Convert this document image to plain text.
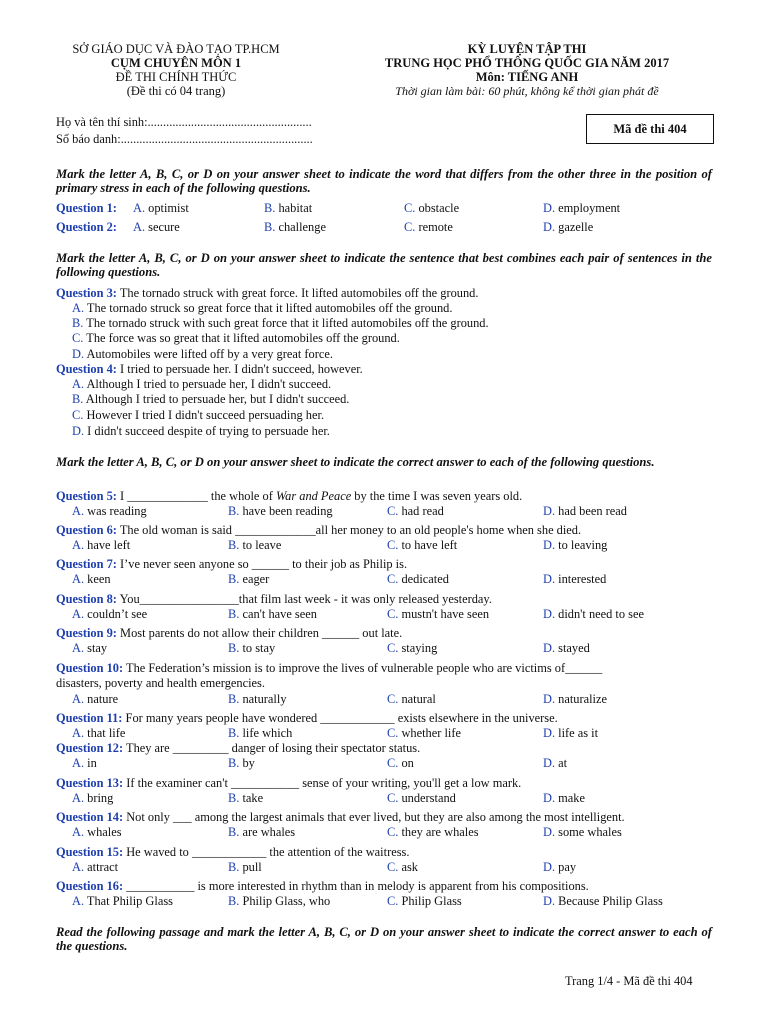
SỞ GIÁO DỤC VÀ ĐÀO TẠO TP.HCM
CỤM CHUYÊN MÔN 1
ĐỀ THI CHÍNH THỨC
(Đề thi có 04 trang)
KỲ LUYỆN TẬP THI
TRUNG HỌC PHỔ THÔNG QUỐC GIA NĂM 2017
Môn: TIẾNG ANH
Thời gian làm bài: 60 phút, không kể thời gian phát đề
Họ và tên thí sinh:.....................................................
Số báo danh:..............................................................
Mã đề thi 404
Mark the letter A, B, C, or D on your answer sheet to indicate the word that differs from the other three in the position of primary stress in each of the following questions.
Question 1: A. optimist	B. habitat	C. obstacle	D. employment
Question 2: A. secure	B. challenge	C. remote	D. gazelle
Mark the letter A, B, C, or D on your answer sheet to indicate the sentence that best combines each pair of sentences in the following questions.
Question 3: The tornado struck with great force. It lifted automobiles off the ground.
A. The tornado struck so great force that it lifted automobiles off the ground.
B. The tornado struck with such great force that it lifted automobiles off the ground.
C. The force was so great that it lifted automobiles off the ground.
D. Automobiles were lifted off by a very great force.
Question 4: I tried to persuade her. I didn't succeed, however.
A. Although I tried to persuade her, I didn't succeed.
B. Although I tried to persuade her, but I didn't succeed.
C. However I tried I didn't succeed persuading her.
D. I didn't succeed despite of trying to persuade her.
Mark the letter A, B, C, or D on your answer sheet to indicate the correct answer to each of the following questions.
Question 5: I _____________ the whole of War and Peace by the time I was seven years old.
A. was reading	B. have been reading	C. had read	D. had been read
Question 6: The old woman is said _____________all her money to an old people's home when she died.
A. have left	B. to leave	C. to have left	D. to leaving
Question 7: I’ve never seen anyone so ______ to their job as Philip is.
A. keen	B. eager	C. dedicated	D. interested
Question 8: You________________that film last week - it was only released yesterday.
A. couldn’t see	B. can't have seen	C. mustn't have seen	D. didn't need to see
Question 9: Most parents do not allow their children ______ out late.
A. stay	B. to stay	C. staying	D. stayed
Question 10: The Federation’s mission is to improve the lives of vulnerable people who are victims of______
disasters, poverty and health emergencies.
A. nature	B. naturally	C. natural	D. naturalize
Question 11: For many years people have wondered ____________ exists elsewhere in the universe.
A. that life	B. life which	C. whether life	D. life as it
Question 12: They are _________ danger of losing their spectator status.
A. in	B. by	C. on	D. at
Question 13: If the examiner can't ___________ sense of your writing, you'll get a low mark.
A. bring	B. take	C. understand	D. make
Question 14: Not only ___ among the largest animals that ever lived, but they are also among the most intelligent.
A. whales	B. are whales	C. they are whales	D. some whales
Question 15: He waved to ____________ the attention of the waitress.
A. attract	B. pull	C. ask	D. pay
Question 16: ___________ is more interested in rhythm than in melody is apparent from his compositions.
A. That Philip Glass	B. Philip Glass, who	C. Philip Glass	D. Because Philip Glass
Read the following passage and mark the letter A, B, C, or D on your answer sheet to indicate the correct answer to each of the questions.
Trang 1/4 - Mã đề thi 404
